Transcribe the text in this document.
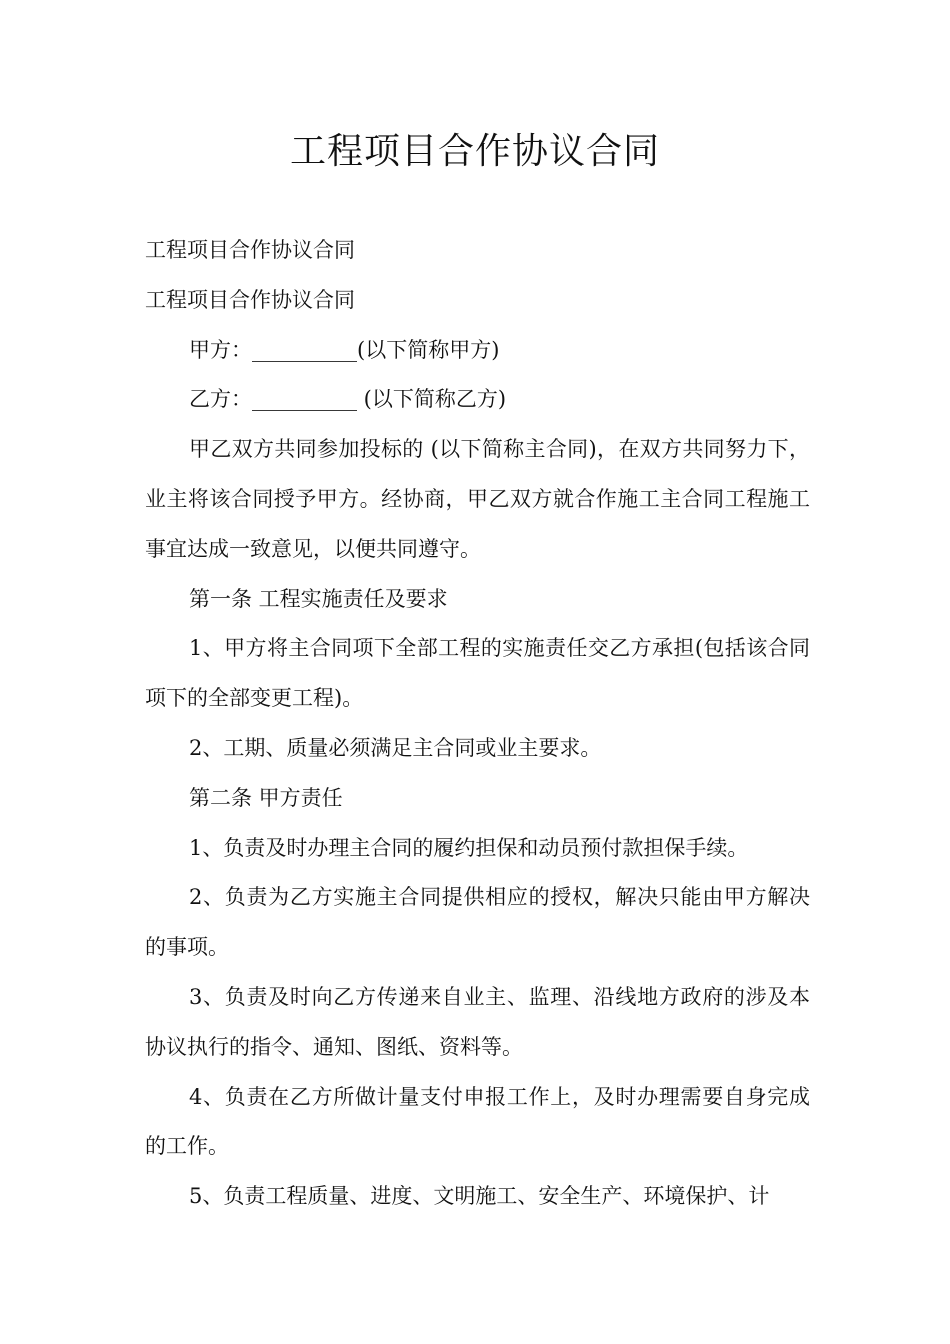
工程项目合作协议合同

工程项目合作协议合同

工程项目合作协议合同

甲方：__________(以下简称甲方)

乙方：__________ (以下简称乙方)

甲乙双方共同参加投标的 (以下简称主合同)，在双方共同努力下，业主将该合同授予甲方。经协商，甲乙双方就合作施工主合同工程施工事宜达成一致意见，以便共同遵守。

第一条 工程实施责任及要求

1、甲方将主合同项下全部工程的实施责任交乙方承担(包括该合同项下的全部变更工程)。

2、工期、质量必须满足主合同或业主要求。

第二条 甲方责任

1、负责及时办理主合同的履约担保和动员预付款担保手续。

2、负责为乙方实施主合同提供相应的授权，解决只能由甲方解决的事项。

3、负责及时向乙方传递来自业主、监理、沿线地方政府的涉及本协议执行的指令、通知、图纸、资料等。

4、负责在乙方所做计量支付申报工作上，及时办理需要自身完成的工作。

5、负责工程质量、进度、文明施工、安全生产、环境保护、计
